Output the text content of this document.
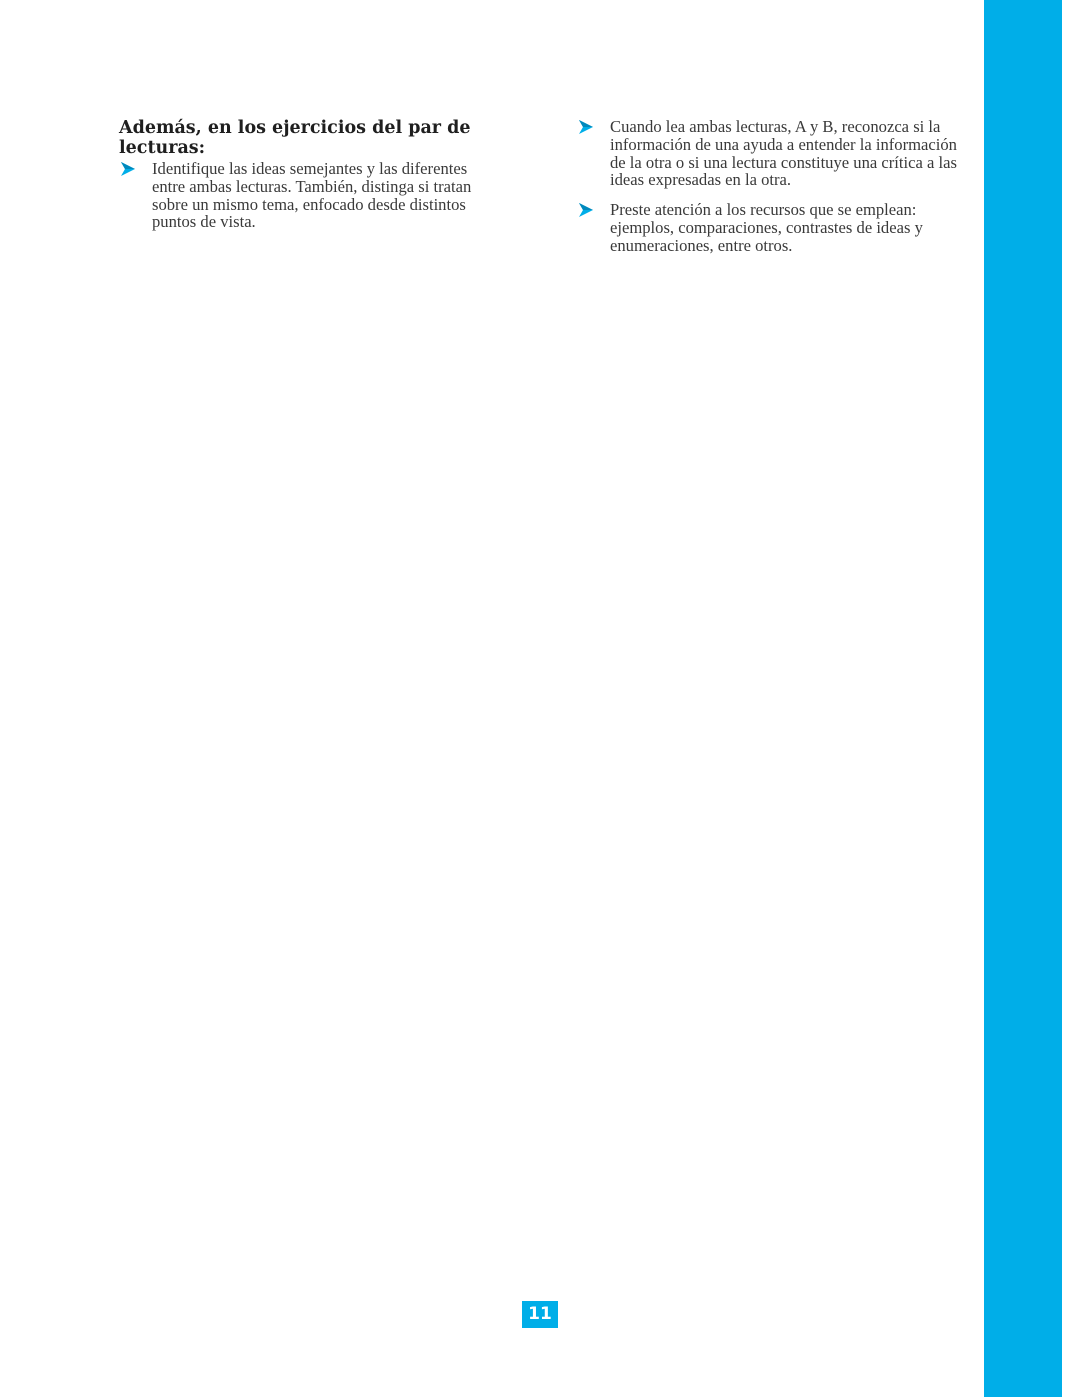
Además, en los ejercicios del par de lecturas:
Identifique las ideas semejantes y las diferentes entre ambas lecturas. También, distinga si tratan sobre un mismo tema, enfocado desde distintos puntos de vista.
Cuando lea ambas lecturas, A y B, reconozca si la información de una ayuda a entender la información de la otra o si una lectura constituye una crítica a las ideas expresadas en la otra.
Preste atención a los recursos que se emplean: ejemplos, comparaciones, contrastes de ideas y enumeraciones, entre otros.
11
